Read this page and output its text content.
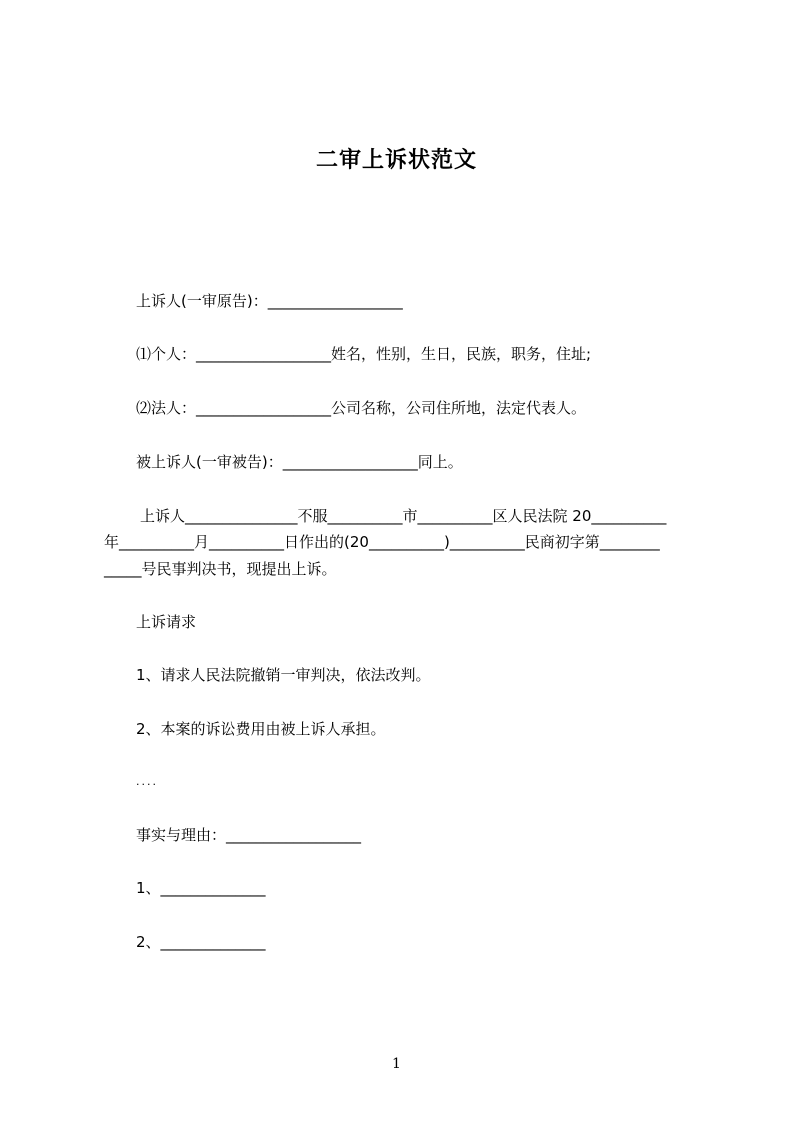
二审上诉状范文
上诉人(一审原告)：__________________
⑴个人：__________________姓名，性别，生日，民族，职务，住址;
⑵法人：__________________公司名称，公司住所地，法定代表人。
被上诉人(一审被告)：__________________同上。
上诉人_______________不服__________市__________区人民法院 20__________
年__________月__________日作出的(20__________)__________民商初字第________
_____号民事判决书，现提出上诉。
上诉请求
1、请求人民法院撤销一审判决，依法改判。
2、本案的诉讼费用由被上诉人承担。
....
事实与理由：__________________
1、______________
2、______________
1
